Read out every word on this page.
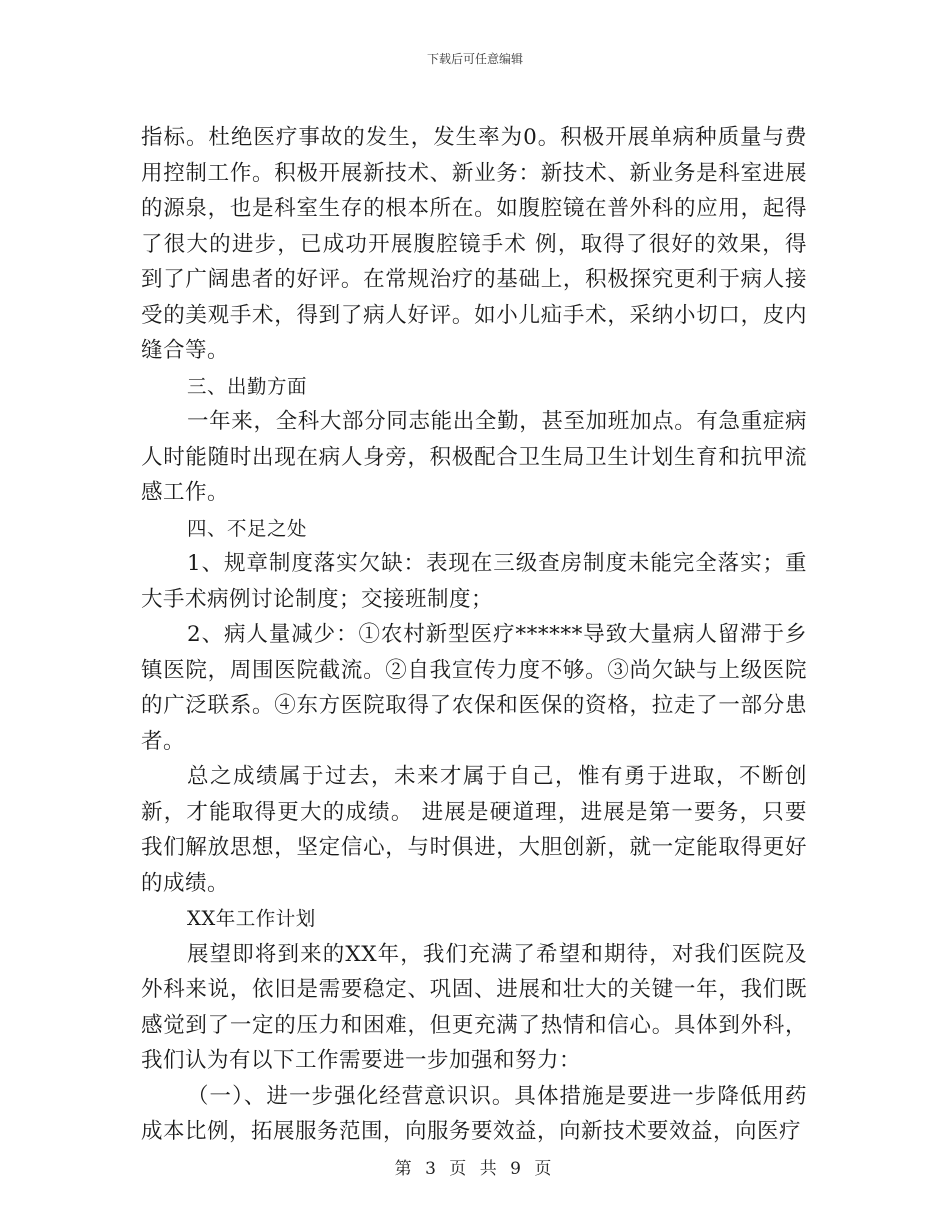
下载后可任意编辑

指标。杜绝医疗事故的发生，发生率为0。积极开展单病种质量与费用控制工作。积极开展新技术、新业务：新技术、新业务是科室进展的源泉，也是科室生存的根本所在。如腹腔镜在普外科的应用，起得了很大的进步，已成功开展腹腔镜手术 例，取得了很好的效果，得到了广阔患者的好评。在常规治疗的基础上，积极探究更利于病人接受的美观手术，得到了病人好评。如小儿疝手术，采纳小切口，皮内缝合等。

三、出勤方面

一年来，全科大部分同志能出全勤，甚至加班加点。有急重症病人时能随时出现在病人身旁，积极配合卫生局卫生计划生育和抗甲流感工作。

四、不足之处

1、规章制度落实欠缺：表现在三级查房制度未能完全落实；重大手术病例讨论制度；交接班制度；

2、病人量减少：①农村新型医疗******导致大量病人留滞于乡镇医院，周围医院截流。②自我宣传力度不够。③尚欠缺与上级医院的广泛联系。④东方医院取得了农保和医保的资格，拉走了一部分患者。

总之成绩属于过去，未来才属于自己，惟有勇于进取，不断创新，才能取得更大的成绩。 进展是硬道理，进展是第一要务，只要我们解放思想，坚定信心，与时俱进，大胆创新，就一定能取得更好的成绩。

XX年工作计划

展望即将到来的XX年，我们充满了希望和期待，对我们医院及外科来说，依旧是需要稳定、巩固、进展和壮大的关键一年，我们既感觉到了一定的压力和困难，但更充满了热情和信心。具体到外科，我们认为有以下工作需要进一步加强和努力：

（一）、进一步强化经营意识识。具体措施是要进一步降低用药成本比例，拓展服务范围，向服务要效益，向新技术要效益，向医疗

第 3 页 共 9 页
